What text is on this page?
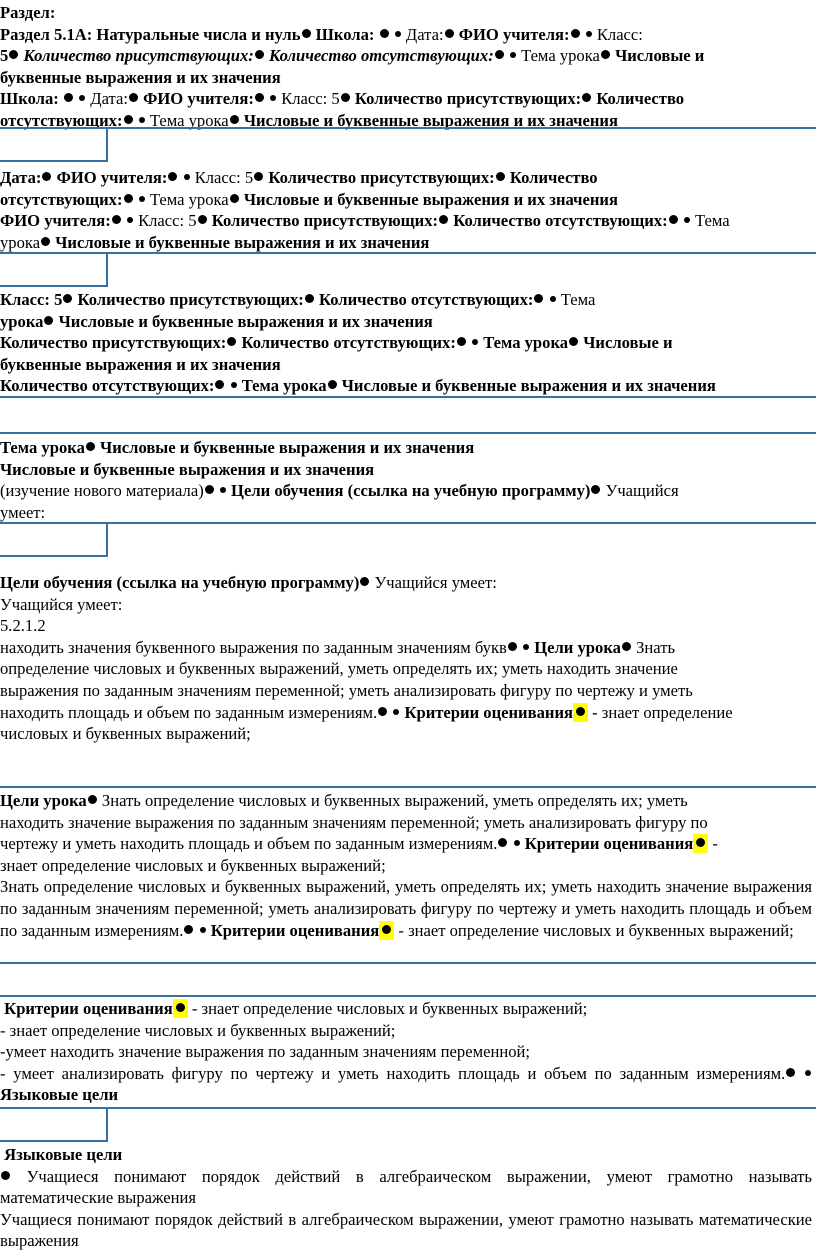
Раздел:

Раздел 5.1A: Натуральные числа и нуль Школа: Дата: ФИО учителя: Класс:

5 Количество присутствующих: Количество отсутствующих: Тема урока Числовые и

буквенные выражения и их значения

Школа: Дата: ФИО учителя: Класс: 5 Количество присутствующих: Количество

отсутствующих: Тема урока Числовые и буквенные выражения и их значения

Дата: ФИО учителя: Класс: 5 Количество присутствующих: Количество

отсутствующих: Тема урока Числовые и буквенные выражения и их значения

ФИО учителя: Класс: 5 Количество присутствующих: Количество отсутствующих:  Тема

урока Числовые и буквенные выражения и их значения

Класс: 5 Количество присутствующих: Количество отсутствующих:  Тема

урока Числовые и буквенные выражения и их значения

Количество присутствующих: Количество отсутствующих: Тема урока Числовые и

буквенные выражения и их значения

Количество отсутствующих: Тема урока Числовые и буквенные выражения и их значения

Тема урока Числовые и буквенные выражения и их значения

Числовые и буквенные выражения и их значения

(изучение нового материала) Цели обучения (ссылка на учебную программу) Учащийся

умеет:

Цели обучения (ссылка на учебную программу) Учащийся умеет:

Учащийся умеет:

5.2.1.2

находить значения буквенного выражения по заданным значениям букв Цели урока Знать

определение числовых и буквенных выражений, уметь определять их; уметь находить значение

выражения по заданным значениям переменной; уметь анализировать фигуру по чертежу и уметь

находить площадь и объем по заданным измерениям. Критерии оценивания - знает определение

числовых и буквенных выражений;

Цели урока Знать определение числовых и буквенных выражений, уметь определять их; уметь

находить значение выражения по заданным значениям переменной; уметь анализировать фигуру по

чертежу и уметь находить площадь и объем по заданным измерениям. Критерии оценивания -

знает определение числовых и буквенных выражений;

Знать определение числовых и буквенных выражений, уметь определять их; уметь находить значение выражения по заданным значениям переменной; уметь анализировать фигуру по чертежу и уметь находить площадь и объем по заданным измерениям. Критерии оценивания - знает определение числовых и буквенных выражений;

Критерии оценивания - знает определение числовых и буквенных выражений;

- знает определение числовых и буквенных выражений;

-умеет находить значение выражения по заданным значениям переменной;

- умеет анализировать фигуру по чертежу и уметь находить площадь и объем по заданным измерениям.  Языковые цели

Языковые цели

Учащиеся понимают порядок действий в алгебраическом выражении, умеют грамотно называть математические выражения

Учащиеся понимают порядок действий в алгебраическом выражении, умеют грамотно называть математические выражения
